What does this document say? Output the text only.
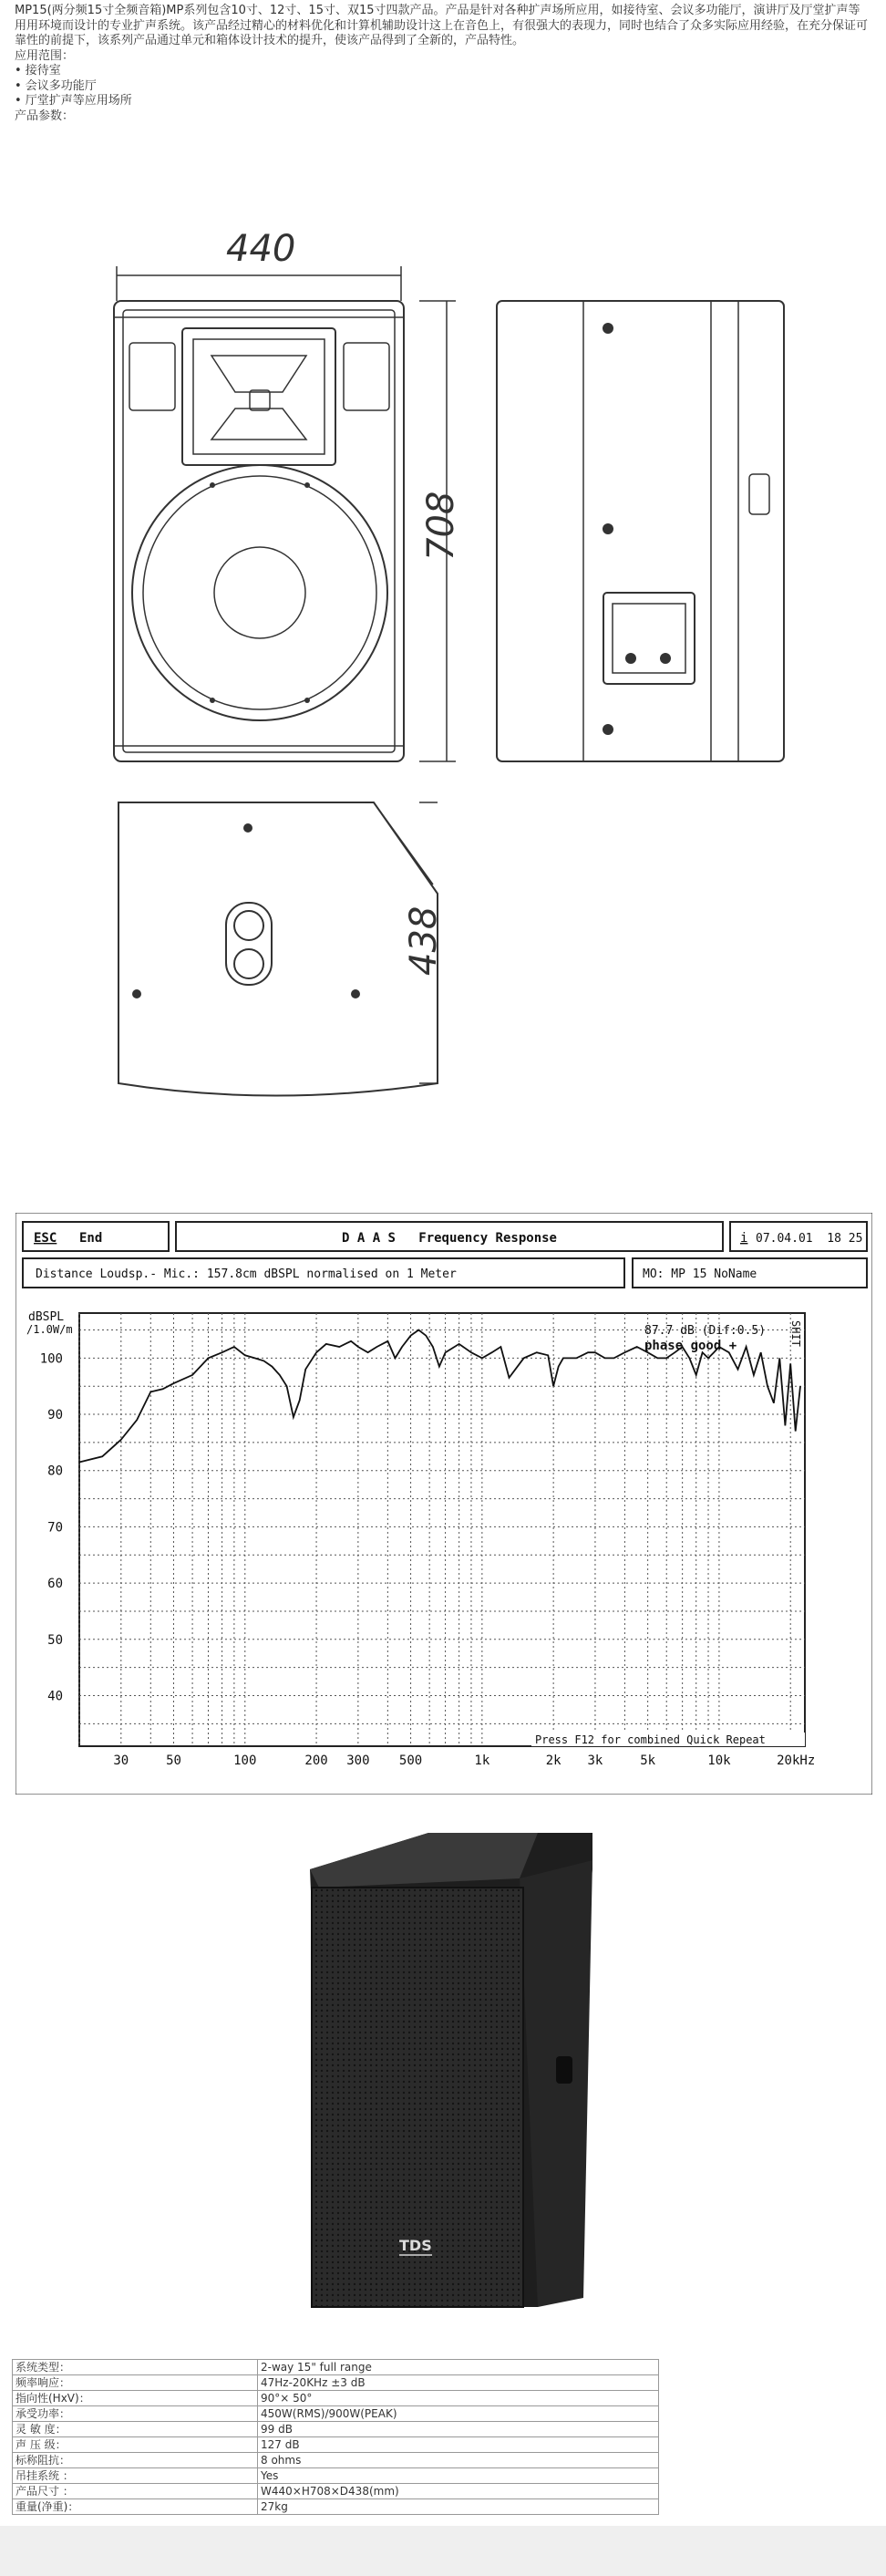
MP15(两分频15寸全频音箱)MP系列包含10寸、12寸、15寸、双15寸四款产品。产品是针对各种扩声场所应用，如接待室、会议多功能厅，演讲厅及厅堂扩声等用用环境而设计的专业扩声系统。该产品经过精心的材料优化和计算机辅助设计这上在音色上，有很强大的表现力，同时也结合了众多实际应用经验，在充分保证可靠性的前提下，该系列产品通过单元和箱体设计技术的提升，使该产品得到了全新的，产品特性。

应用范围：

• 接待室

• 会议多功能厅

• 厅堂扩声等应用场所

产品参数：

440
708
438
ESC End	D A A S   Frequency Response	i 07.04.01  18 25
Distance Loudsp.- Mic.: 157.8cm dBSPL normalised on 1 Meter	MO: MP 15 NoName
dBSPL
/1.0W/m
100
90
80
70
60
50
40
30	50	100	200 300 500	1k	2k 3k	5k	10k	20kHz
87.7 dB (Dif:0.5)
phase good +	SHIT
Press F12 for combined Quick Repeat
TDS
系统类型：	2-way 15" full range
频率响应：	47Hz-20KHz ±3 dB
指向性(HxV)：	90°× 50°
承受功率：	450W(RMS)/900W(PEAK)
灵 敏 度：	99 dB
声 压 级：	127 dB
标称阻抗：	8 ohms
吊挂系统 ：	Yes
产品尺寸 ：	W440×H708×D438(mm)
重量(净重)：	27kg
